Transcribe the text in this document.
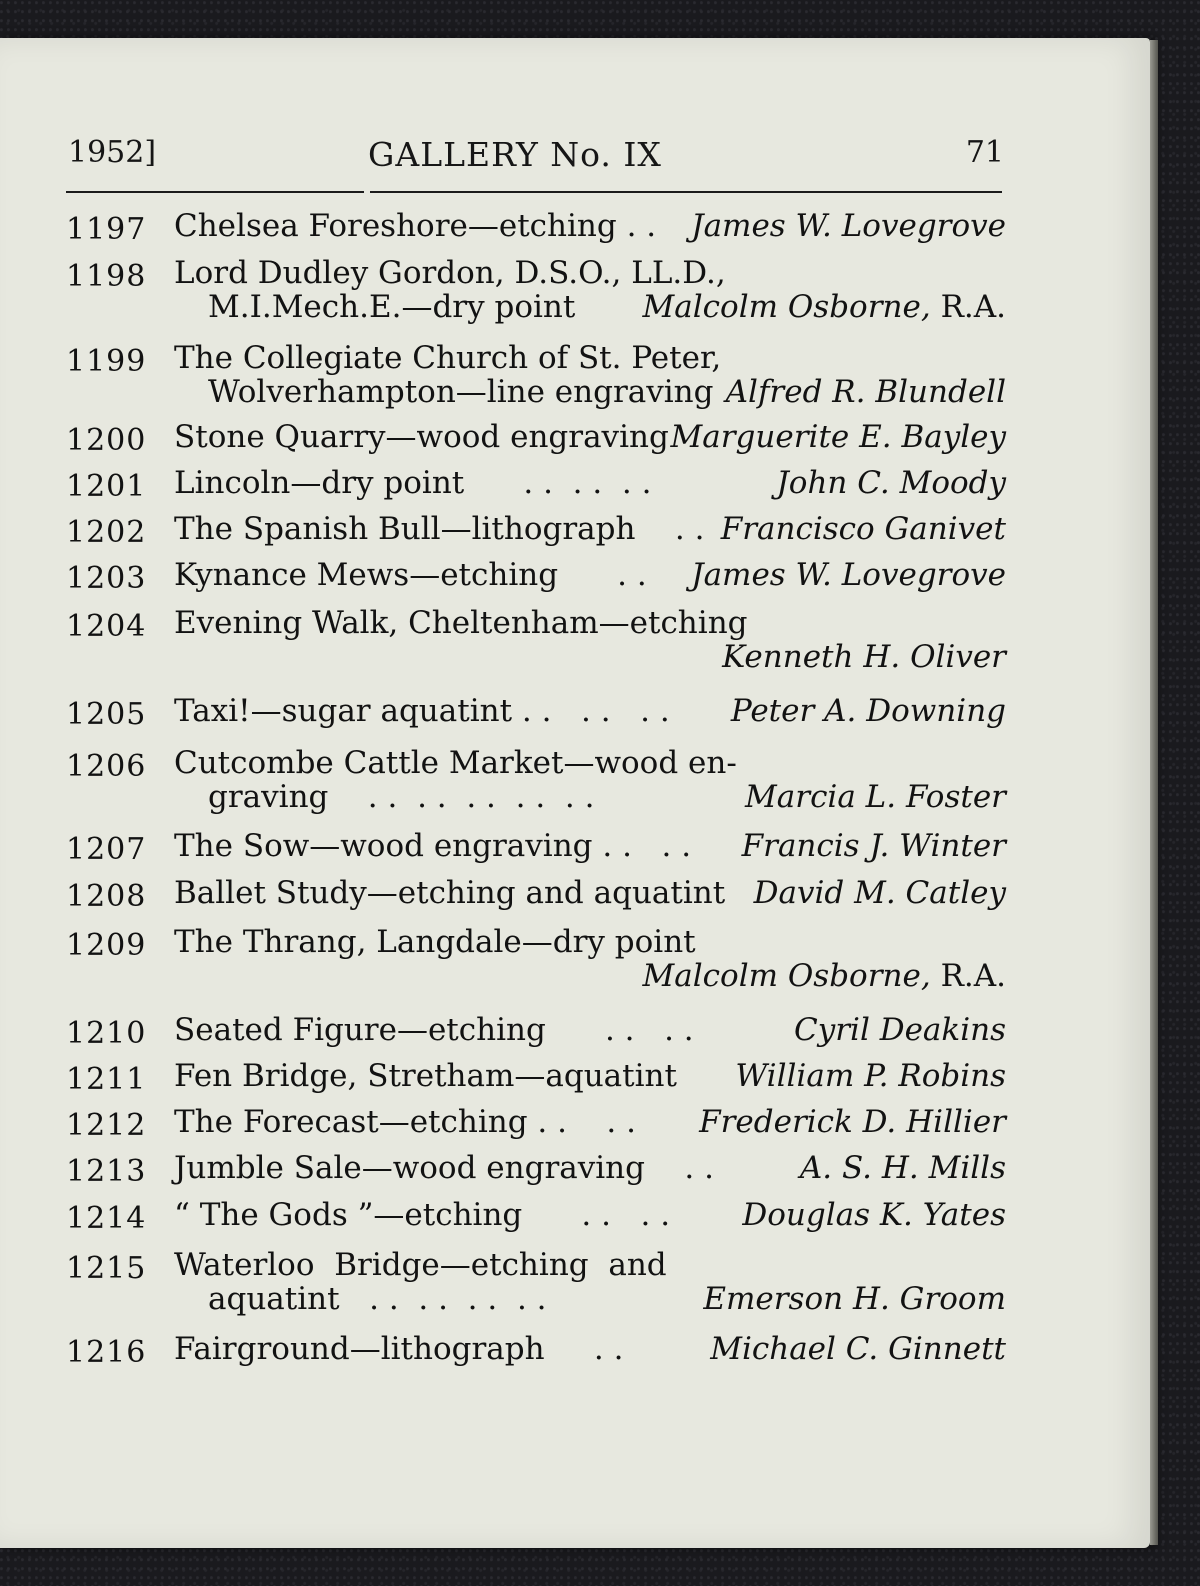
1952]	GALLERY No. IX	71
1197 Chelsea Foreshore—etching . . James W. Lovegrove
1198 Lord Dudley Gordon, D.S.O., LL.D.,
M.I.Mech.E.—dry point Malcolm Osborne, R.A.
1199 The Collegiate Church of St. Peter,
Wolverhampton—line engraving Alfred R. Blundell
1200 Stone Quarry—wood engraving Marguerite E. Bayley
1201 Lincoln—dry point      . .  . .  . .	John C. Moody
1202 The Spanish Bull—lithograph    . . Francisco Ganivet
1203 Kynance Mews—etching      . . James W. Lovegrove
1204 Evening Walk, Cheltenham—etching
Kenneth H. Oliver
1205 Taxi!—sugar aquatint . .   . .   . . Peter A. Downing
1206 Cutcombe Cattle Market—wood en-
graving    . .  . .  . .  . .  . .	Marcia L. Foster
1207 The Sow—wood engraving . .   . . Francis J. Winter
1208 Ballet Study—etching and aquatint David M. Catley
1209 The Thrang, Langdale—dry point
Malcolm Osborne, R.A.
1210 Seated Figure—etching      . .   . .	Cyril Deakins
1211 Fen Bridge, Stretham—aquatint William P. Robins
1212 The Forecast—etching . .    . . Frederick D. Hillier
1213 Jumble Sale—wood engraving    . .	A. S. H. Mills
1214 “ The Gods ”—etching      . .   . . Douglas K. Yates
1215 Waterloo  Bridge—etching  and
aquatint   . .  . .  . .  . .	Emerson H. Groom
1216 Fairground—lithograph     . .	Michael C. Ginnett
